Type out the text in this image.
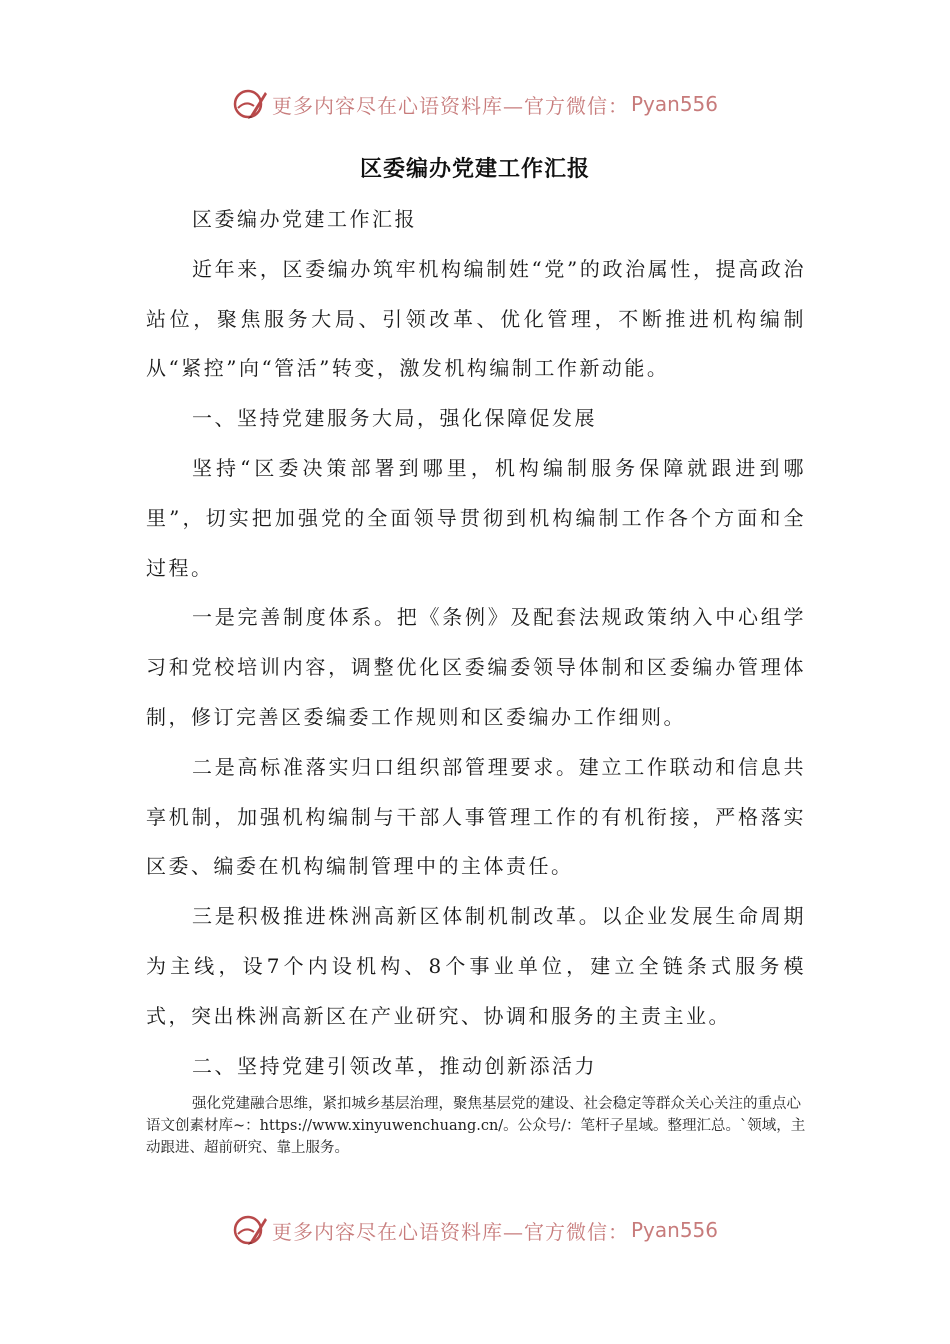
更多内容尽在心语资料库—官方微信： Pyan556
区委编办党建工作汇报

区委编办党建工作汇报

近年来，区委编办筑牢机构编制姓“党”的政治属性，提高政治站位，聚焦服务大局、引领改革、优化管理，不断推进机构编制从“紧控”向“管活”转变，激发机构编制工作新动能。

一、坚持党建服务大局，强化保障促发展

坚持“区委决策部署到哪里，机构编制服务保障就跟进到哪里”，切实把加强党的全面领导贯彻到机构编制工作各个方面和全过程。

一是完善制度体系。把《条例》及配套法规政策纳入中心组学习和党校培训内容，调整优化区委编委领导体制和区委编办管理体制，修订完善区委编委工作规则和区委编办工作细则。

二是高标准落实归口组织部管理要求。建立工作联动和信息共享机制，加强机构编制与干部人事管理工作的有机衔接，严格落实区委、编委在机构编制管理中的主体责任。

三是积极推进株洲高新区体制机制改革。以企业发展生命周期为主线，设7个内设机构、8个事业单位，建立全链条式服务模式，突出株洲高新区在产业研究、协调和服务的主责主业。

二、坚持党建引领改革，推动创新添活力

强化党建融合思维，紧扣城乡基层治理，聚焦基层党的建设、社会稳定等群众关心关注的重点心语文创素材库~：https://www.xinyuwenchuang.cn/。公众号/：笔杆子星域。整理汇总。`领域，主动跟进、超前研究、靠上服务。

更多内容尽在心语资料库—官方微信： Pyan556
